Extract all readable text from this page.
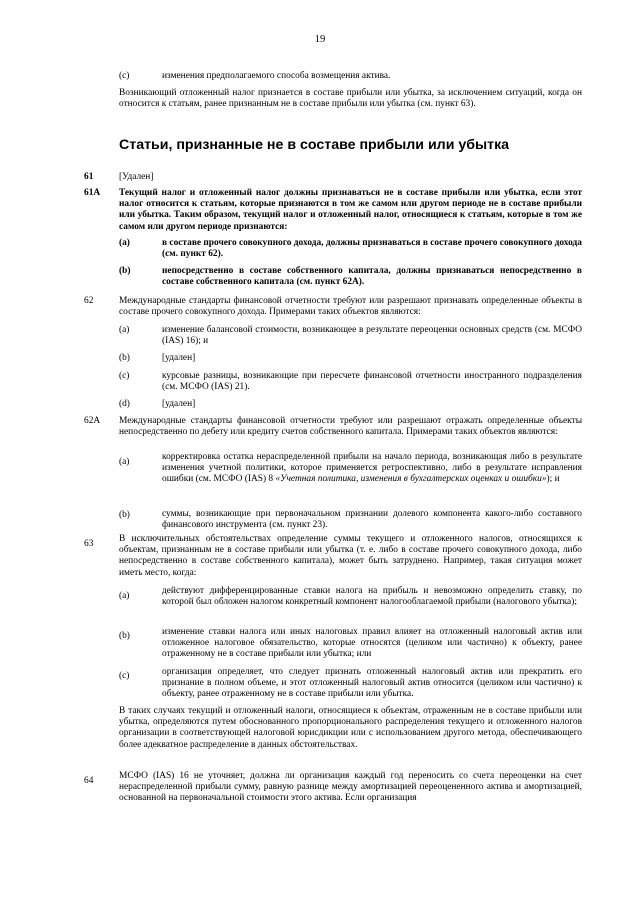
19
(c)	изменения предполагаемого способа возмещения актива.
Возникающий отложенный налог признается в составе прибыли или убытка, за исключением ситуаций, когда он относится к статьям, ранее признанным не в составе прибыли или убытка (см. пункт 63).
Статьи, признанные не в составе прибыли или убытка
61	[Удален]
61A Текущий налог и отложенный налог должны признаваться не в составе прибыли или убытка, если этот налог относится к статьям, которые признаются в том же самом или другом периоде не в составе прибыли или убытка. Таким образом, текущий налог и отложенный налог, относящиеся к статьям, которые в том же самом или другом периоде признаются:
(a)	в составе прочего совокупного дохода, должны признаваться в составе прочего совокупного дохода (см. пункт 62).
(b)	непосредственно в составе собственного капитала, должны признаваться непосредственно в составе собственного капитала (см. пункт 62A).
62	Международные стандарты финансовой отчетности требуют или разрешают признавать определенные объекты в составе прочего совокупного дохода. Примерами таких объектов являются:
(a)	изменение балансовой стоимости, возникающее в результате переоценки основных средств (см. МСФО (IAS) 16); и
(b)	[удален]
(c)	курсовые разницы, возникающие при пересчете финансовой отчетности иностранного подразделения (см. МСФО (IAS) 21).
(d)	[удален]
62A Международные стандарты финансовой отчетности требуют или разрешают отражать определенные объекты непосредственно по дебету или кредиту счетов собственного капитала. Примерами таких объектов являются:
(a)	корректировка остатка нераспределенной прибыли на начало периода, возникающая либо в результате изменения учетной политики, которое применяется ретроспективно, либо в результате исправления ошибки (см. МСФО (IAS) 8 «Учетная политика, изменения в бухгалтерских оценках и ошибки»); и
(b)	суммы, возникающие при первоначальном признании долевого компонента какого-либо составного финансового инструмента (см. пункт 23).
63	В исключительных обстоятельствах определение суммы текущего и отложенного налогов, относящихся к объектам, признанным не в составе прибыли или убытка (т. е. либо в составе прочего совокупного дохода, либо непосредственно в составе собственного капитала), может быть затруднено. Например, такая ситуация может иметь место, когда:
(a)	действуют дифференцированные ставки налога на прибыль и невозможно определить ставку, по которой был обложен налогом конкретный компонент налогооблагаемой прибыли (налогового убытка);
(b)	изменение ставки налога или иных налоговых правил влияет на отложенный налоговый актив или отложенное налоговое обязательство, которые относятся (целиком или частично) к объекту, ранее отраженному не в составе прибыли или убытка; или
(c)	организация определяет, что следует признать отложенный налоговый актив или прекратить его признание в полном объеме, и этот отложенный налоговый актив относится (целиком или частично) к объекту, ранее отраженному не в составе прибыли или убытка.
В таких случаях текущий и отложенный налоги, относящиеся к объектам, отраженным не в составе прибыли или убытка, определяются путем обоснованного пропорционального распределения текущего и отложенного налогов организации в соответствующей налоговой юрисдикции или с использованием другого метода, обеспечивающего более адекватное распределение в данных обстоятельствах.
64	МСФО (IAS) 16 не уточняет, должна ли организация каждый год переносить со счета переоценки на счет нераспределенной прибыли сумму, равную разнице между амортизацией переоцененного актива и амортизацией, основанной на первоначальной стоимости этого актива. Если организация
